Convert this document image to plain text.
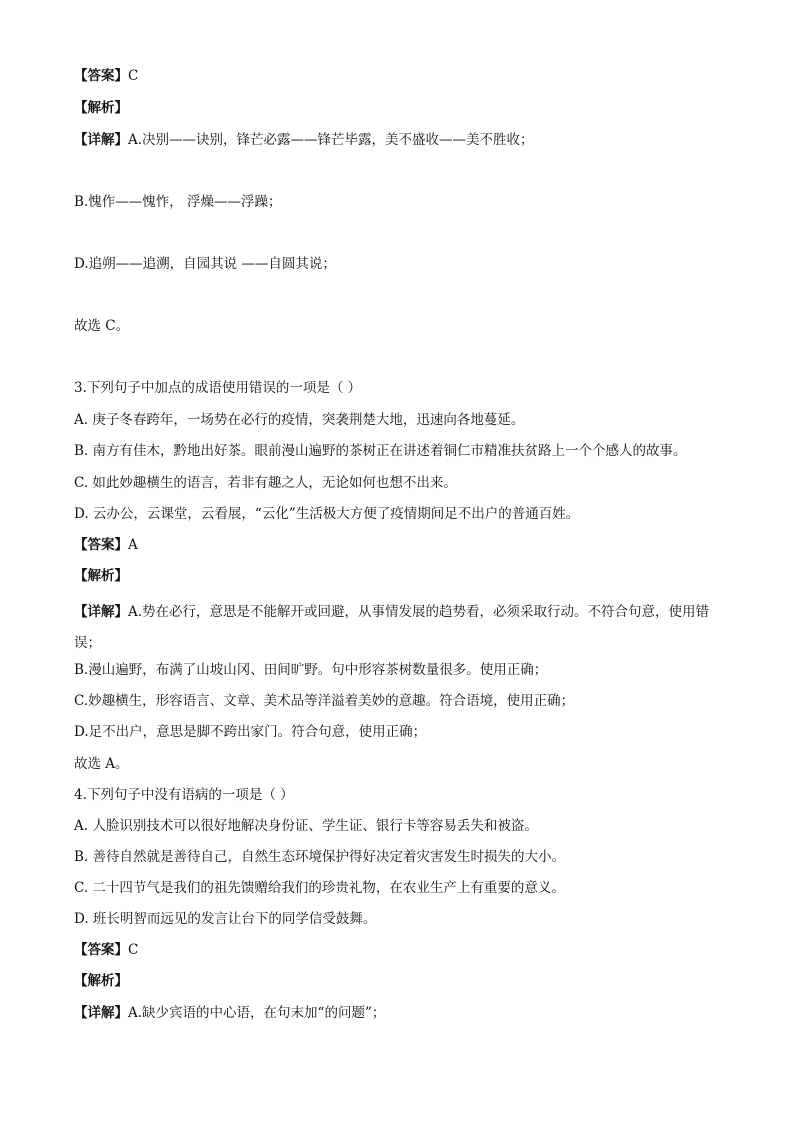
【答案】C
【解析】
【详解】A.决别——诀别，锋芒必露——锋芒毕露，美不盛收——美不胜收；
B.愧作——愧怍， 浮燥——浮躁；
D.追朔——追溯，自园其说 ——自圆其说；
故选 C。
3.下列句子中加点的成语使用错误的一项是（ ）
A. 庚子冬春跨年，一场势在必行的疫情，突袭荆楚大地，迅速向各地蔓延。
B. 南方有佳木，黔地出好茶。眼前漫山遍野的茶树正在讲述着铜仁市精准扶贫路上一个个感人的故事。
C. 如此妙趣横生的语言，若非有趣之人，无论如何也想不出来。
D. 云办公，云课堂，云看展，“云化”生活极大方便了疫情期间足不出户的普通百姓。
【答案】A
【解析】
【详解】A.势在必行，意思是不能解开或回避，从事情发展的趋势看，必须采取行动。不符合句意，使用错误；
B.漫山遍野，布满了山坡山冈、田间旷野。句中形容茶树数量很多。使用正确；
C.妙趣横生，形容语言、文章、美术品等洋溢着美妙的意趣。符合语境，使用正确；
D.足不出户，意思是脚不跨出家门。符合句意，使用正确；
故选 A。
4.下列句子中没有语病的一项是（ ）
A. 人脸识别技术可以很好地解决身份证、学生证、银行卡等容易丢失和被盗。
B. 善待自然就是善待自己，自然生态环境保护得好决定着灾害发生时损失的大小。
C. 二十四节气是我们的祖先馈赠给我们的珍贵礼物，在农业生产上有重要的意义。
D. 班长明智而远见的发言让台下的同学信受鼓舞。
【答案】C
【解析】
【详解】A.缺少宾语的中心语，在句末加“的问题”；
